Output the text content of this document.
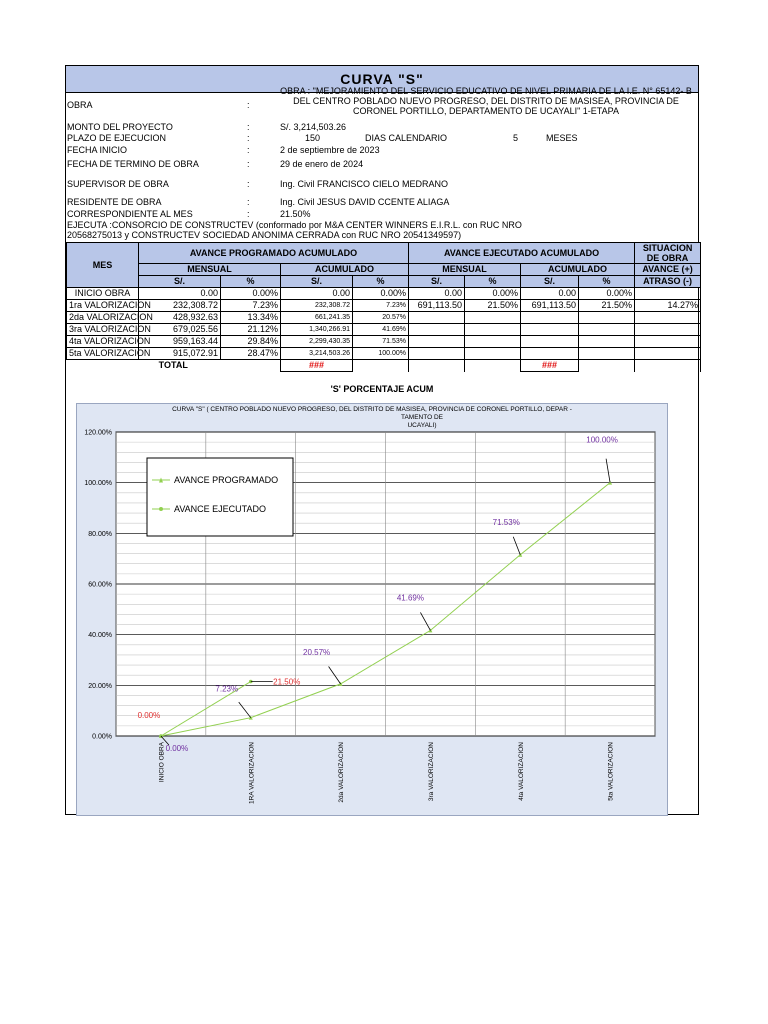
CURVA "S"
OBRA : "MEJORAMIENTO DEL SERVICIO EDUCATIVO DE NIVEL PRIMARIA DE LA I.E. N° 65142- B DEL CENTRO POBLADO NUEVO PROGRESO, DEL DISTRITO DE MASISEA, PROVINCIA DE CORONEL PORTILLO, DEPARTAMENTO DE UCAYALI" 1-ETAPA
OBRA	:
MONTO DEL PROYECTO	:	S/. 3,214,503.26
PLAZO DE EJECUCION	:	150	DIAS CALENDARIO	5	MESES
FECHA INICIO	:	2 de septiembre de 2023
FECHA DE TERMINO DE OBRA	:	29 de enero de 2024
SUPERVISOR DE OBRA	:	Ing. Civil FRANCISCO CIELO MEDRANO
RESIDENTE DE OBRA	:	Ing. Civil JESUS DAVID CCENTE ALIAGA
CORRESPONDIENTE AL MES	:	21.50%
EJECUTA :CONSORCIO DE CONSTRUCTEV (conformado por M&A CENTER WINNERS E.I.R.L. con RUC NRO
20568275013 y CONSTRUCTEV SOCIEDAD ANONIMA CERRADA con RUC NRO 20541349597)
MES	AVANCE PROGRAMADO ACUMULADO				AVANCE EJECUTADO ACUMULADO				SITUACION
DE OBRA
	MENSUAL		ACUMULADO		MENSUAL		ACUMULADO		AVANCE (+)
	S/.	%	S/.	%	S/.	%	S/.	%	ATRASO (-)
INICIO OBRA	0.00	0.00%	0.00	0.00%	0.00	0.00%	0.00	0.00%	
1ra VALORIZACION	232,308.72	7.23%	232,308.72	7.23%	691,113.50	21.50%	691,113.50	21.50%	14.27%
2da VALORIZACION	428,932.63	13.34%	661,241.35	20.57%					
3ra VALORIZACION	679,025.56	21.12%	1,340,266.91	41.69%					
4ta VALORIZACION	959,163.44	29.84%	2,299,430.35	71.53%					
5ta VALORIZACION	915,072.91	28.47%	3,214,503.26	100.00%					
TOTAL			###				###		
'S' PORCENTAJE ACUM
CURVA "S" ( CENTRO POBLADO NUEVO PROGRESO, DEL DISTRITO DE MASISEA, PROVINCIA DE CORONEL PORTILLO, DEPAR -
TAMENTO DE
UCAYALI)
0.00%
20.00%
40.00%
60.00%
80.00%
100.00%
120.00%
INICIO OBRA	1RA VALORIZACION	2da VALORIZACION	3ra VALORIZACION	4ta VALORIZACION	5ta VALORIZACION
0.00%
7.23%
20.57%
41.69%
71.53%
100.00%
0.00%
21.50%
AVANCE PROGRAMADO
AVANCE EJECUTADO
